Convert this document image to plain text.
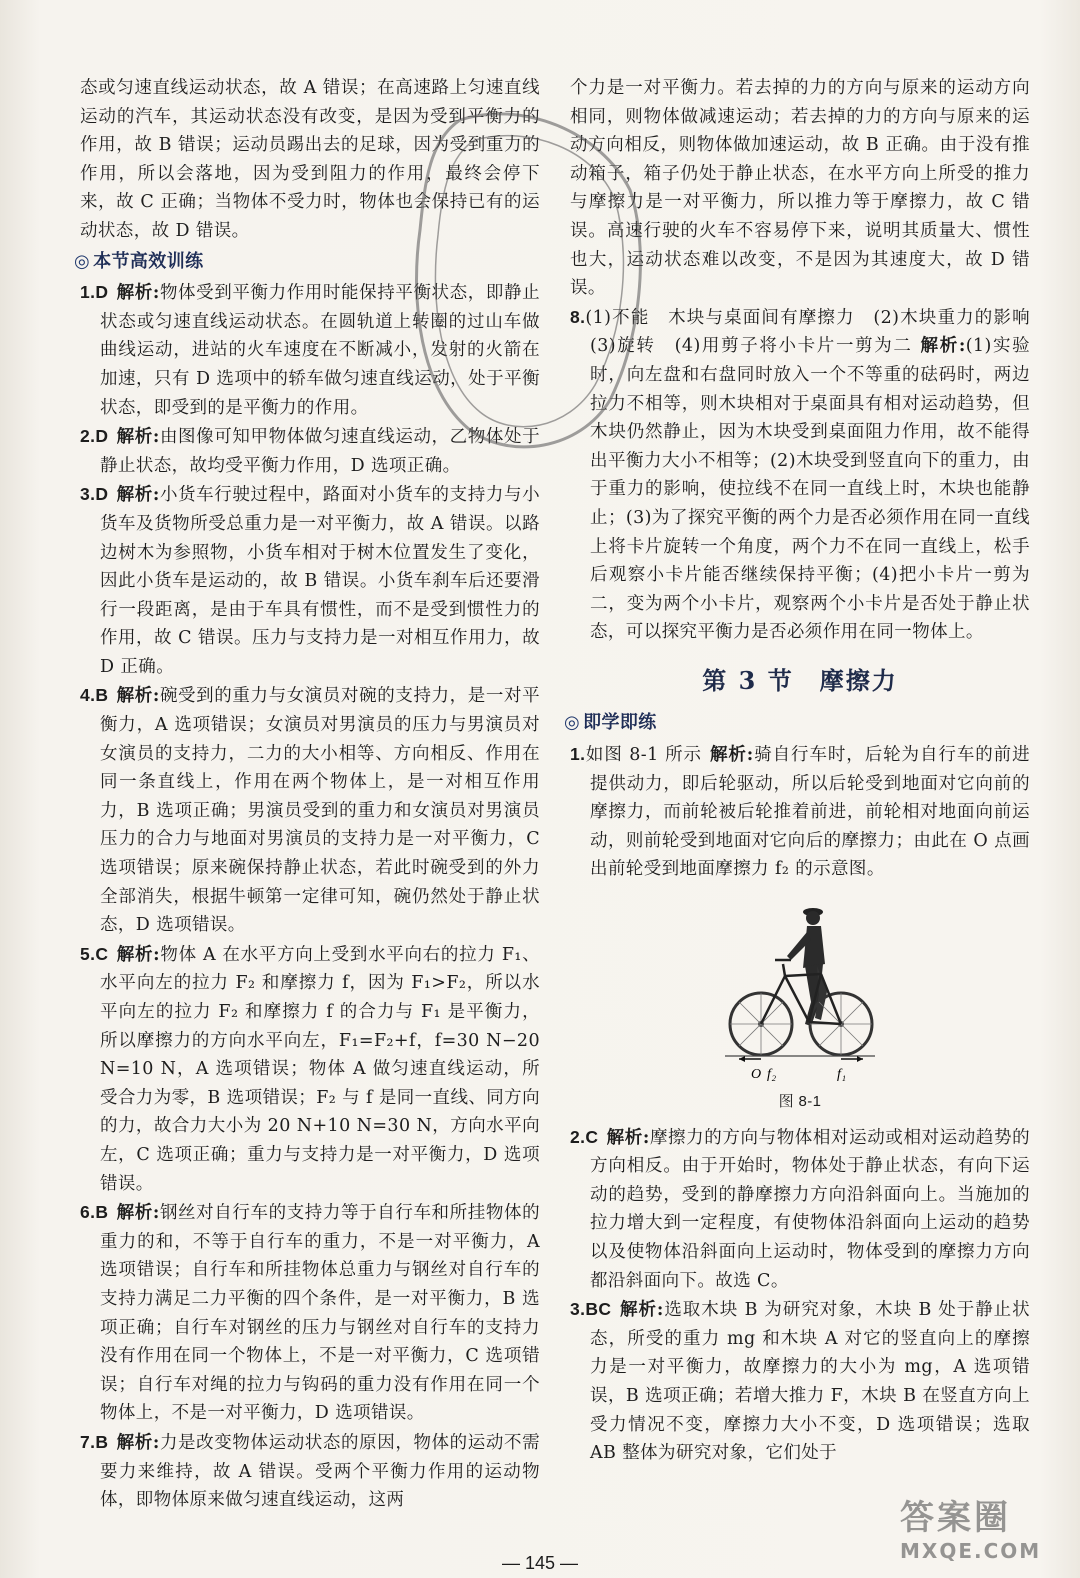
态或匀速直线运动状态，故 A 错误；在高速路上匀速直线运动的汽车，其运动状态没有改变，是因为受到平衡力的作用，故 B 错误；运动员踢出去的足球，因为受到重力的作用，所以会落地，因为受到阻力的作用，最终会停下来，故 C 正确；当物体不受力时，物体也会保持已有的运动状态，故 D 错误。

◎ 本节高效训练

1.D 解析:物体受到平衡力作用时能保持平衡状态，即静止状态或匀速直线运动状态。在圆轨道上转圈的过山车做曲线运动，进站的火车速度在不断减小，发射的火箭在加速，只有 D 选项中的轿车做匀速直线运动，处于平衡状态，即受到的是平衡力的作用。

2.D 解析:由图像可知甲物体做匀速直线运动，乙物体处于静止状态，故均受平衡力作用，D 选项正确。

3.D 解析:小货车行驶过程中，路面对小货车的支持力与小货车及货物所受总重力是一对平衡力，故 A 错误。以路边树木为参照物，小货车相对于树木位置发生了变化，因此小货车是运动的，故 B 错误。小货车刹车后还要滑行一段距离，是由于车具有惯性，而不是受到惯性力的作用，故 C 错误。压力与支持力是一对相互作用力，故 D 正确。

4.B 解析:碗受到的重力与女演员对碗的支持力，是一对平衡力，A 选项错误；女演员对男演员的压力与男演员对女演员的支持力，二力的大小相等、方向相反、作用在同一条直线上，作用在两个物体上，是一对相互作用力，B 选项正确；男演员受到的重力和女演员对男演员压力的合力与地面对男演员的支持力是一对平衡力，C 选项错误；原来碗保持静止状态，若此时碗受到的外力全部消失，根据牛顿第一定律可知，碗仍然处于静止状态，D 选项错误。

5.C 解析:物体 A 在水平方向上受到水平向右的拉力 F₁、水平向左的拉力 F₂ 和摩擦力 f，因为 F₁>F₂，所以水平向左的拉力 F₂ 和摩擦力 f 的合力与 F₁ 是平衡力，所以摩擦力的方向水平向左，F₁=F₂+f，f=30 N−20 N=10 N，A 选项错误；物体 A 做匀速直线运动，所受合力为零，B 选项错误；F₂ 与 f 是同一直线、同方向的力，故合力大小为 20 N+10 N=30 N，方向水平向左，C 选项正确；重力与支持力是一对平衡力，D 选项错误。

6.B 解析:钢丝对自行车的支持力等于自行车和所挂物体的重力的和，不等于自行车的重力，不是一对平衡力，A 选项错误；自行车和所挂物体总重力与钢丝对自行车的支持力满足二力平衡的四个条件，是一对平衡力，B 选项正确；自行车对钢丝的压力与钢丝对自行车的支持力没有作用在同一个物体上，不是一对平衡力，C 选项错误；自行车对绳的拉力与钩码的重力没有作用在同一个物体上，不是一对平衡力，D 选项错误。

7.B 解析:力是改变物体运动状态的原因，物体的运动不需要力来维持，故 A 错误。受两个平衡力作用的运动物体，即物体原来做匀速直线运动，这两

个力是一对平衡力。若去掉的力的方向与原来的运动方向相同，则物体做减速运动；若去掉的力的方向与原来的运动方向相反，则物体做加速运动，故 B 正确。由于没有推动箱子，箱子仍处于静止状态，在水平方向上所受的推力与摩擦力是一对平衡力，所以推力等于摩擦力，故 C 错误。高速行驶的火车不容易停下来，说明其质量大、惯性也大，运动状态难以改变，不是因为其速度大，故 D 错误。

8.(1)不能　木块与桌面间有摩擦力　(2)木块重力的影响　(3)旋转　(4)用剪子将小卡片一剪为二 解析:(1)实验时，向左盘和右盘同时放入一个不等重的砝码时，两边拉力不相等，则木块相对于桌面具有相对运动趋势，但木块仍然静止，因为木块受到桌面阻力作用，故不能得出平衡力大小不相等；(2)木块受到竖直向下的重力，由于重力的影响，使拉线不在同一直线上时，木块也能静止；(3)为了探究平衡的两个力是否必须作用在同一直线上将卡片旋转一个角度，两个力不在同一直线上，松手后观察小卡片能否继续保持平衡；(4)把小卡片一剪为二，变为两个小卡片，观察两个小卡片是否处于静止状态，可以探究平衡力是否必须作用在同一物体上。

第 3 节　摩擦力
◎ 即学即练

1.如图 8-1 所示 解析:骑自行车时，后轮为自行车的前进提供动力，即后轮驱动，所以后轮受到地面对它向前的摩擦力，而前轮被后轮推着前进，前轮相对地面向前运动，则前轮受到地面对它向后的摩擦力；由此在 O 点画出前轮受到地面摩擦力 f₂ 的示意图。

O f₂	f₁
图 8-1

2.C 解析:摩擦力的方向与物体相对运动或相对运动趋势的方向相反。由于开始时，物体处于静止状态，有向下运动的趋势，受到的静摩擦力方向沿斜面向上。当施加的拉力增大到一定程度，有使物体沿斜面向上运动的趋势以及使物体沿斜面向上运动时，物体受到的摩擦力方向都沿斜面向下。故选 C。

3.BC 解析:选取木块 B 为研究对象，木块 B 处于静止状态，所受的重力 mg 和木块 A 对它的竖直向上的摩擦力是一对平衡力，故摩擦力的大小为 mg，A 选项错误，B 选项正确；若增大推力 F，木块 B 在竖直方向上受力情况不变，摩擦力大小不变，D 选项错误；选取 AB 整体为研究对象，它们处于

答案圈
MXQE.COM
— 145 —
